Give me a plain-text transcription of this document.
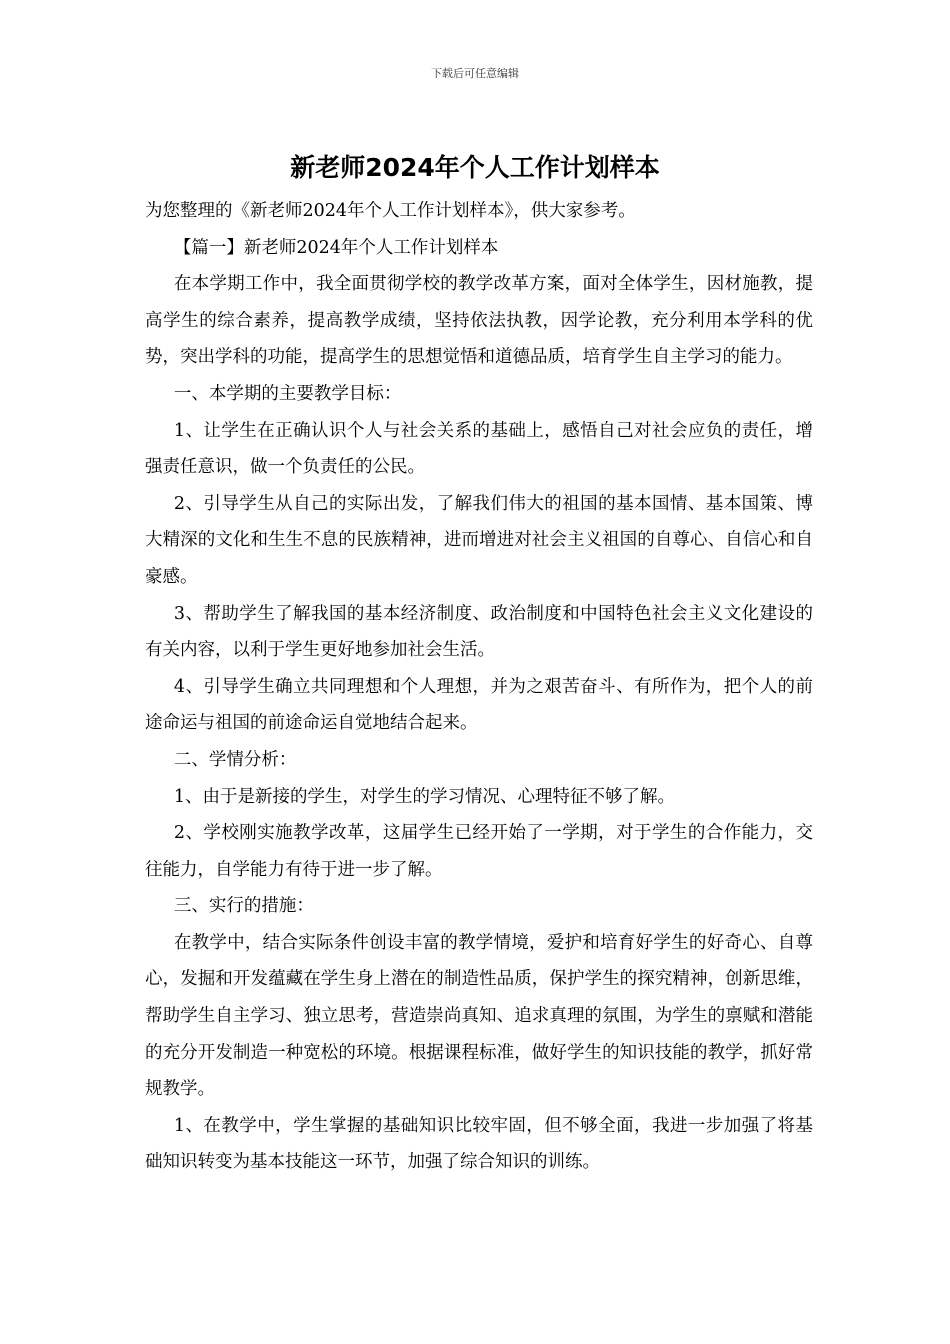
下载后可任意编辑
新老师2024年个人工作计划样本

为您整理的《新老师2024年个人工作计划样本》，供大家参考。

【篇一】新老师2024年个人工作计划样本

在本学期工作中，我全面贯彻学校的教学改革方案，面对全体学生，因材施教，提高学生的综合素养，提高教学成绩，坚持依法执教，因学论教，充分利用本学科的优势，突出学科的功能，提高学生的思想觉悟和道德品质，培育学生自主学习的能力。

一、本学期的主要教学目标：

1、让学生在正确认识个人与社会关系的基础上，感悟自己对社会应负的责任，增强责任意识，做一个负责任的公民。

2、引导学生从自己的实际出发，了解我们伟大的祖国的基本国情、基本国策、博大精深的文化和生生不息的民族精神，进而增进对社会主义祖国的自尊心、自信心和自豪感。

3、帮助学生了解我国的基本经济制度、政治制度和中国特色社会主义文化建设的有关内容，以利于学生更好地参加社会生活。

4、引导学生确立共同理想和个人理想，并为之艰苦奋斗、有所作为，把个人的前途命运与祖国的前途命运自觉地结合起来。

二、学情分析：

1、由于是新接的学生，对学生的学习情况、心理特征不够了解。

2、学校刚实施教学改革，这届学生已经开始了一学期，对于学生的合作能力，交往能力，自学能力有待于进一步了解。

三、实行的措施：

在教学中，结合实际条件创设丰富的教学情境，爱护和培育好学生的好奇心、自尊心，发掘和开发蕴藏在学生身上潜在的制造性品质，保护学生的探究精神，创新思维，帮助学生自主学习、独立思考，营造崇尚真知、追求真理的氛围，为学生的禀赋和潜能的充分开发制造一种宽松的环境。根据课程标准，做好学生的知识技能的教学，抓好常规教学。

1、在教学中，学生掌握的基础知识比较牢固，但不够全面，我进一步加强了将基础知识转变为基本技能这一环节，加强了综合知识的训练。
